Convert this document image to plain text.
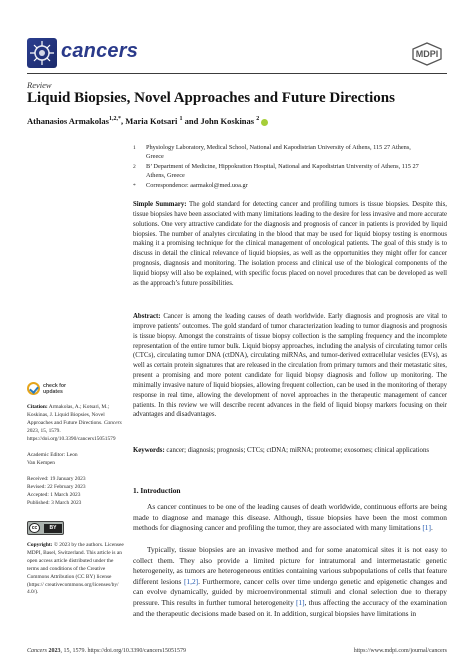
cancers	MDPI
Review
Liquid Biopsies, Novel Approaches and Future Directions
Athanasios Armakolas$^{1,2,*}$, Maria Kotsari $^1$ and John Koskinas $^2$
1 Physiology Laboratory, Medical School, National and Kapodistrian University of Athens, 115 27 Athens, Greece
2 B’ Department of Medicine, Hippokration Hospital, National and Kapodistrian University of Athens, 115 27 Athens, Greece
* Correspondence: aarmakol@med.uoa.gr
Simple Summary: The gold standard for detecting cancer and profiling tumors is tissue biopsies. Despite this, tissue biopsies have been associated with many limitations leading to the desire for less invasive and more accurate solutions. One very attractive candidate for the diagnosis and prognosis of cancer in patients is provided by liquid biopsies. The number of analytes circulating in the blood that may be used for liquid biopsy testing is enormous making it a promising technique for the clinical management of oncological patients. The goal of this study is to discuss in detail the clinical relevance of liquid biopsies, as well as the opportunities they might offer for cancer prognosis, diagnosis and monitoring. The isolation process and clinical use of the biological components of the liquid biopsy will also be explained, with specific focus placed on novel procedures that can be developed as well as the approach’s future possibilities.
Abstract: Cancer is among the leading causes of death worldwide. Early diagnosis and prognosis are vital to improve patients’ outcomes. The gold standard of tumor characterization leading to tumor diagnosis and prognosis is tissue biopsy. Amongst the constraints of tissue biopsy collection is the sampling frequency and the incomplete representation of the entire tumor bulk. Liquid biopsy approaches, including the analysis of circulating tumor cells (CTCs), circulating tumor DNA (ctDNA), circulating miRNAs, and tumor-derived extracellular vesicles (EVs), as well as certain protein signatures that are released in the circulation from primary tumors and their metastatic sites, present a promising and more potent candidate for liquid biopsy diagnosis and follow up monitoring. The minimally invasive nature of liquid biopsies, allowing frequent collection, can be used in the monitoring of therapy response in real time, allowing the development of novel approaches in the therapeutic management of cancer patients. In this review we will describe recent advances in the field of liquid biopsy markers focusing on their advantages and disadvantages.
Keywords: cancer; diagnosis; prognosis; CTCs; ctDNA; miRNA; proteome; exosomes; clinical applications
1. Introduction
As cancer continues to be one of the leading causes of death worldwide, continuous efforts are being made to diagnose and manage this disease. Although, tissue biopsies have been the most common methods for diagnosing cancer and profiling the tumor, they are associated with many limitations [1].
Typically, tissue biopsies are an invasive method and for some anatomical sites it is not easy to collect them. They also provide a limited picture for intratumoral and intermetastatic genetic heterogeneity, as tumors are heterogeneous entities containing various subpopulations of cells that feature different lesions [1,2]. Furthermore, cancer cells over time undergo genetic and epigenetic changes and can evolve dynamically, guided by microenvironmental stimuli and clonal selection due to therapy pressure. This results in further tumoral heterogeneity [1], thus affecting the accuracy of the examination and the therapeutic decisions made based on it. In addition, surgical biopsies have limitations in
check for
updates
Citation: Armakolas, A.; Kotsari, M.; Koskinas, J. Liquid Biopsies, Novel Approaches and Future Directions. Cancers 2023, 15, 1579. https://doi.org/10.3390/cancers15051579
Academic Editor: Leon
Van Kempen
Received: 19 January 2023
Revised: 22 February 2023
Accepted: 1 March 2023
Published: 3 March 2023
cc	BY
Copyright: © 2023 by the authors. Licensee MDPI, Basel, Switzerland. This article is an open access article distributed under the terms and conditions of the Creative Commons Attribution (CC BY) license (https:// creativecommons.org/licenses/by/ 4.0/).
Cancers 2023, 15, 1579. https://doi.org/10.3390/cancers15051579	https://www.mdpi.com/journal/cancers
